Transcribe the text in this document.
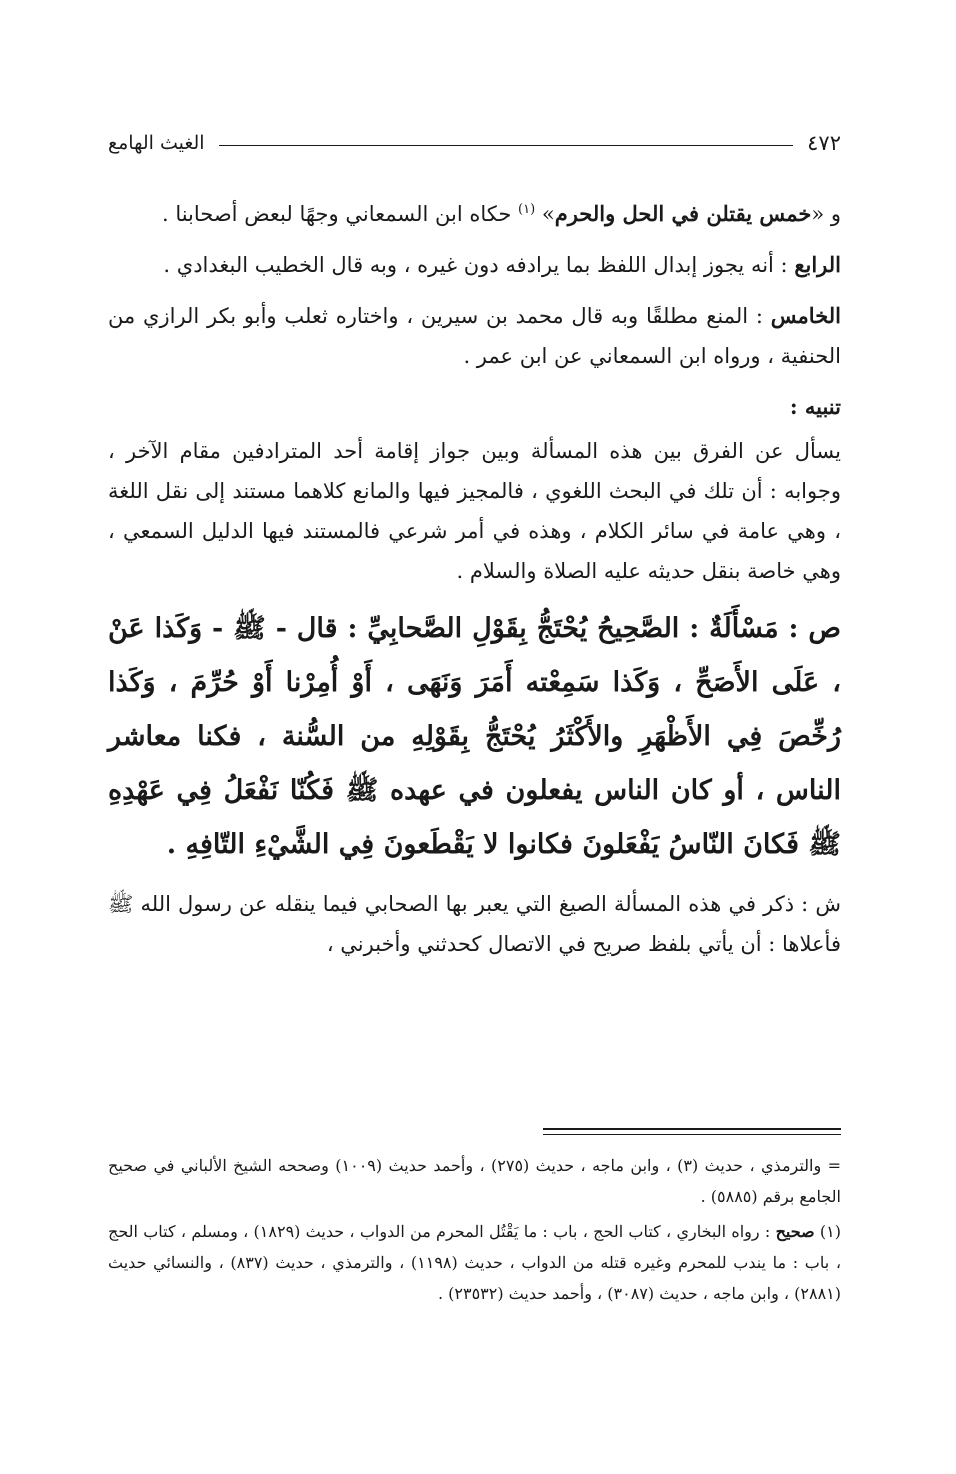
٤٧٢
الغيث الهامع

و «خمس يقتلن في الحل والحرم» $^{(١)}$ حكاه ابن السمعاني وجهًا لبعض أصحابنا .

الرابع : أنه يجوز إبدال اللفظ بما يرادفه دون غيره ، وبه قال الخطيب البغدادي .

الخامس : المنع مطلقًا وبه قال محمد بن سيرين ، واختاره ثعلب وأبو بكر الرازي من الحنفية ، ورواه ابن السمعاني عن ابن عمر .

تنبيه :

يسأل عن الفرق بين هذه المسألة وبين جواز إقامة أحد المترادفين مقام الآخر ، وجوابه : أن تلك في البحث اللغوي ، فالمجيز فيها والمانع كلاهما مستند إلى نقل اللغة ، وهي عامة في سائر الكلام ، وهذه في أمر شرعي فالمستند فيها الدليل السمعي ، وهي خاصة بنقل حديثه عليه الصلاة والسلام .

ص : مَسْأَلَةٌ : الصَّحِيحُ يُحْتَجُّ بِقَوْلِ الصَّحابِيِّ : قال - ﷺ - وَكَذا عَنْ ، عَلَى الأَصَحِّ ، وَكَذا سَمِعْته أَمَرَ وَنَهَى ، أَوْ أُمِرْنا أَوْ حُرِّمَ ، وَكَذا رُخِّصَ فِي الأَظْهَرِ والأَكْثَرُ يُحْتَجُّ بِقَوْلِهِ من السُّنة ، فكنا معاشر الناس ، أو كان الناس يفعلون في عهده ﷺ فَكُنّا نَفْعَلُ فِي عَهْدِهِ ﷺ فَكانَ النّاسُ يَفْعَلونَ فكانوا لا يَقْطَعونَ فِي الشَّيْءِ التّافِهِ .

ش : ذكر في هذه المسألة الصيغ التي يعبر بها الصحابي فيما ينقله عن رسول الله ﷺ فأعلاها : أن يأتي بلفظ صريح في الاتصال كحدثني وأخبرني ،

= والترمذي ، حديث (٣) ، وابن ماجه ، حديث (٢٧٥) ، وأحمد حديث (١٠٠٩) وصححه الشيخ الألباني في صحيح الجامع برقم (٥٨٨٥) .

(١) صحيح : رواه البخاري ، كتاب الحج ، باب : ما يَقْتُل المحرم من الدواب ، حديث (١٨٢٩) ، ومسلم ، كتاب الحج ، باب : ما يندب للمحرم وغيره قتله من الدواب ، حديث (١١٩٨) ، والترمذي ، حديث (٨٣٧) ، والنسائي حديث (٢٨٨١) ، وابن ماجه ، حديث (٣٠٨٧) ، وأحمد حديث (٢٣٥٣٢) .
